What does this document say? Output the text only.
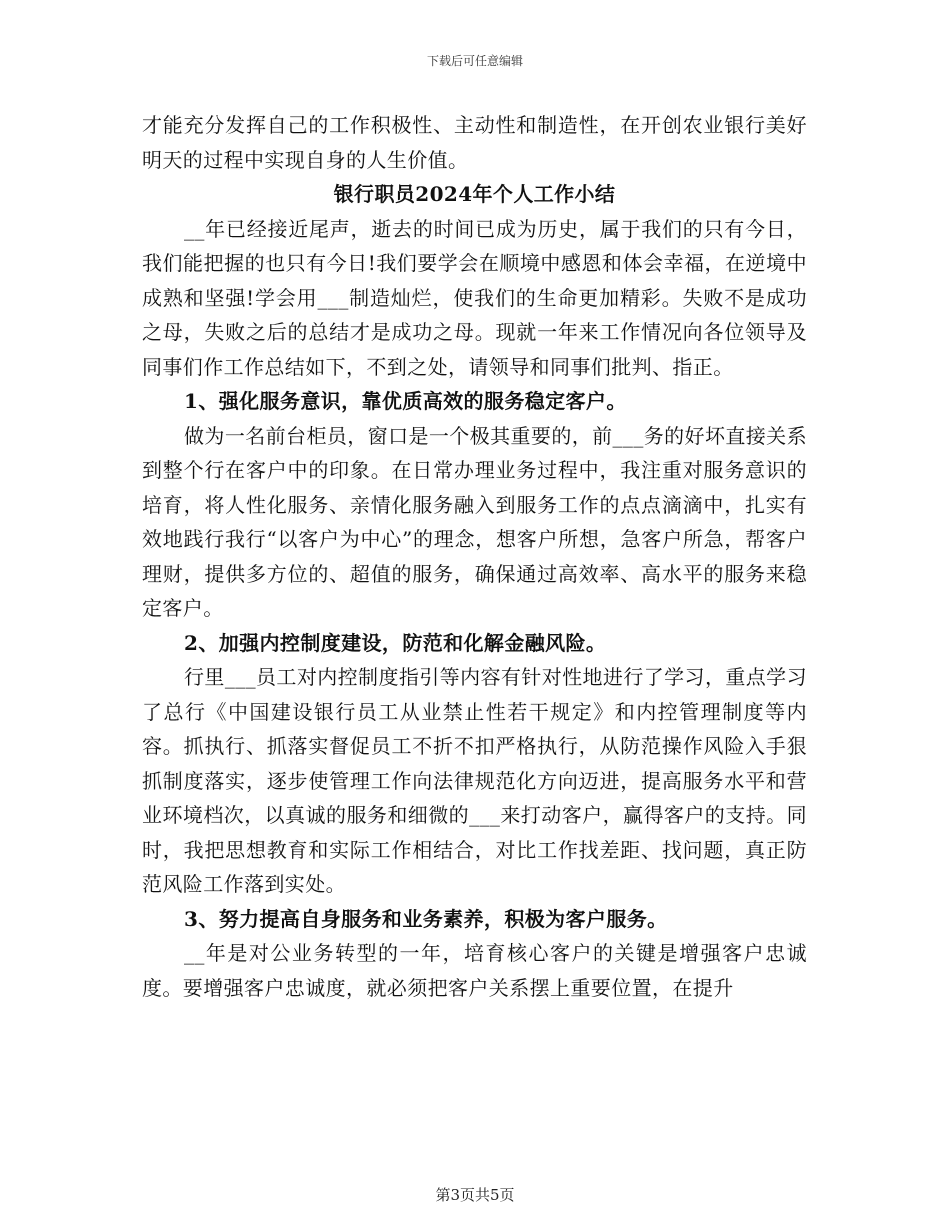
下载后可任意编辑

才能充分发挥自己的工作积极性、主动性和制造性，在开创农业银行美好明天的过程中实现自身的人生价值。

银行职员2024年个人工作小结

__年已经接近尾声，逝去的时间已成为历史，属于我们的只有今日，我们能把握的也只有今日!我们要学会在顺境中感恩和体会幸福，在逆境中成熟和坚强!学会用___制造灿烂，使我们的生命更加精彩。失败不是成功之母，失败之后的总结才是成功之母。现就一年来工作情况向各位领导及同事们作工作总结如下，不到之处，请领导和同事们批判、指正。

1、强化服务意识，靠优质高效的服务稳定客户。

做为一名前台柜员，窗口是一个极其重要的，前___务的好坏直接关系到整个行在客户中的印象。在日常办理业务过程中，我注重对服务意识的培育，将人性化服务、亲情化服务融入到服务工作的点点滴滴中，扎实有效地践行我行“以客户为中心”的理念，想客户所想，急客户所急，帮客户理财，提供多方位的、超值的服务，确保通过高效率、高水平的服务来稳定客户。

2、加强内控制度建设，防范和化解金融风险。

行里___员工对内控制度指引等内容有针对性地进行了学习，重点学习了总行《中国建设银行员工从业禁止性若干规定》和内控管理制度等内容。抓执行、抓落实督促员工不折不扣严格执行，从防范操作风险入手狠抓制度落实，逐步使管理工作向法律规范化方向迈进，提高服务水平和营业环境档次，以真诚的服务和细微的___来打动客户，赢得客户的支持。同时，我把思想教育和实际工作相结合，对比工作找差距、找问题，真正防范风险工作落到实处。

3、努力提高自身服务和业务素养，积极为客户服务。

__年是对公业务转型的一年，培育核心客户的关键是增强客户忠诚度。要增强客户忠诚度，就必须把客户关系摆上重要位置，在提升

第3页共5页
